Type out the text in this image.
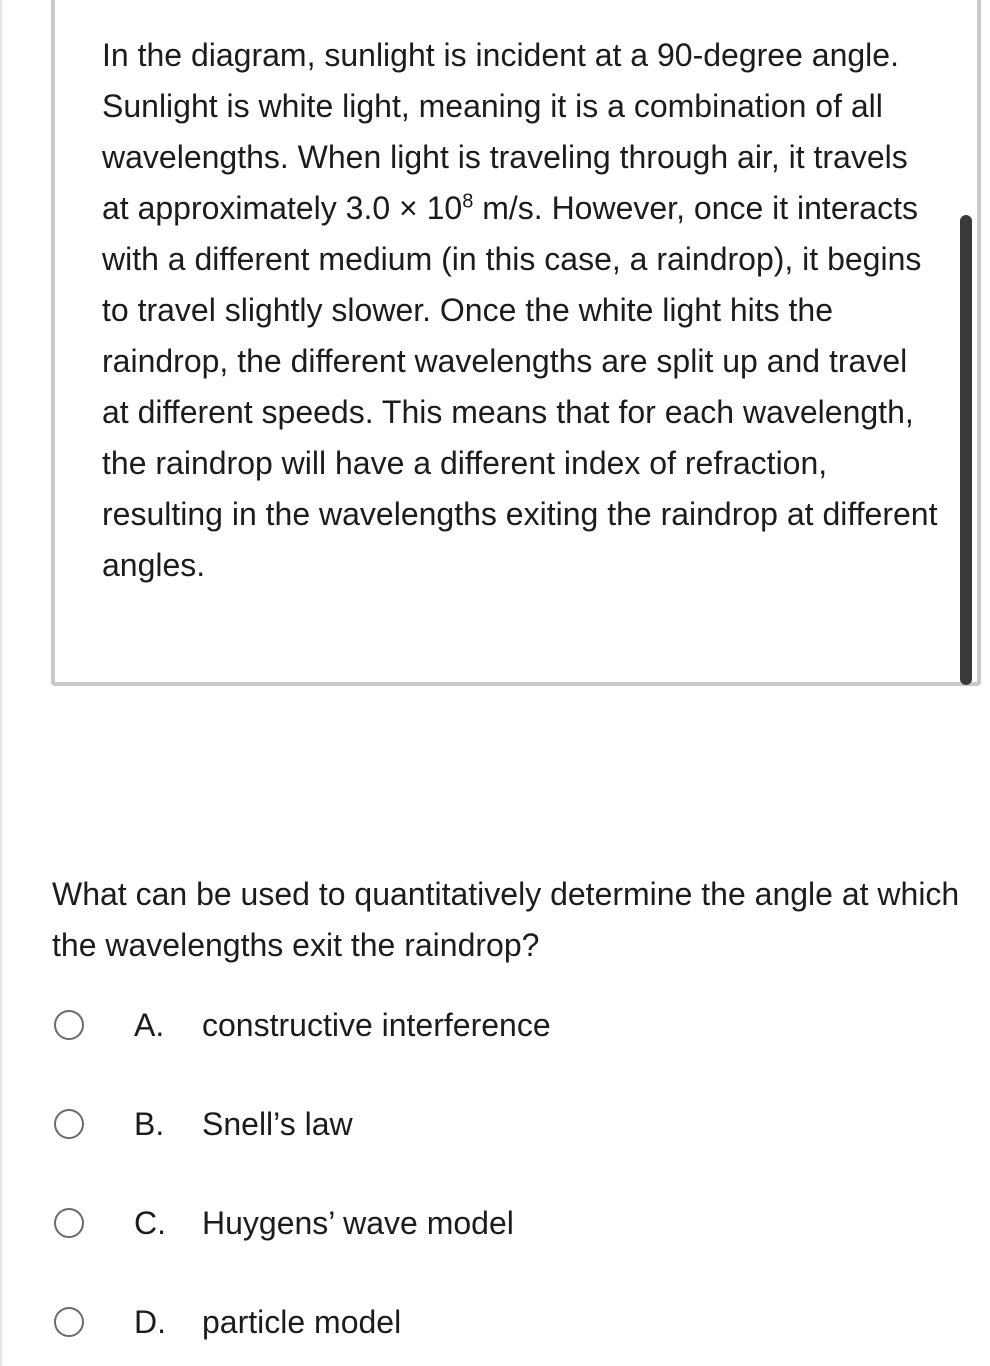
In the diagram, sunlight is incident at a 90-degree angle. Sunlight is white light, meaning it is a combination of all wavelengths. When light is traveling through air, it travels at approximately $3.0 \times 10^8$ m/s. However, once it interacts with a different medium (in this case, a raindrop), it begins to travel slightly slower. Once the white light hits the raindrop, the different wavelengths are split up and travel at different speeds. This means that for each wavelength, the raindrop will have a different index of refraction, resulting in the wavelengths exiting the raindrop at different angles.

What can be used to quantitatively determine the angle at which the wavelengths exit the raindrop?

A. constructive interference
B. Snell’s law
C. Huygens’ wave model
D. particle model
